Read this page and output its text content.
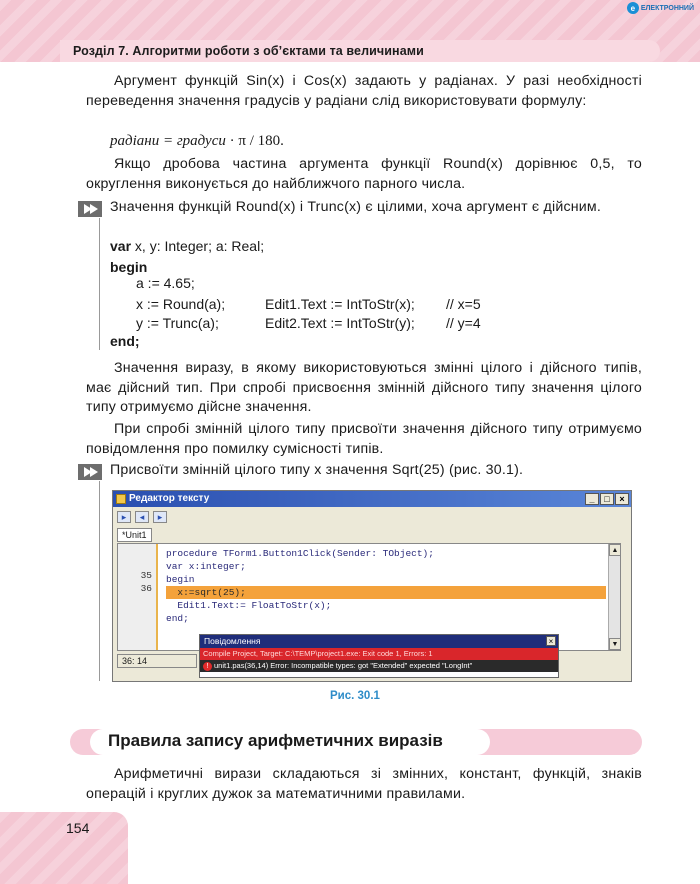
Розділ 7. Алгоритми роботи з об’єктами та величинами
e ЕЛЕКТРОННИЙ
Аргумент функцій Sin(x) і Cos(x) задають у радіанах. У разі необхідності переведення значення градусів у радіани слід використовувати формулу:
радіани = градуси · π / 180.
Якщо дробова частина аргумента функції Round(x) дорівнює 0,5, то округлення виконується до найближчого парного числа.
Значення функцій Round(x) і Trunc(x) є цілими, хоча аргумент є дійсним.
var x, y: Integer; a: Real;
begin
a := 4.65;
x := Round(a);	Edit1.Text := IntToStr(x); // x=5
y := Trunc(a);	Edit2.Text := IntToStr(y); // y=4
end;
Значення виразу, в якому використовуються змінні цілого і дійсного типів, має дійсний тип. При спробі присвоєння змінній дійсного типу значення цілого типу отримуємо дійсне значення.
При спробі змінній цілого типу присвоїти значення дійсного типу отримуємо повідомлення про помилку сумісності типів.
Присвоїти змінній цілого типу x значення Sqrt(25) (рис. 30.1).
Редактор тексту	_	□	×
▸	◂	▸
*Unit1
35
36
procedure TForm1.Button1Click(Sender: TObject);
var x:integer;
begin
x:=sqrt(25);
Edit1.Text:= FloatToStr(x);
end;
▲
▼
36: 14
Повідомлення	×
Compile Project, Target: C:\TEMP\project1.exe: Exit code 1, Errors: 1
! unit1.pas(36,14) Error: Incompatible types: got "Extended" expected "LongInt"
Рис. 30.1
Правила запису арифметичних виразів
Арифметичні вирази складаються зі змінних, констант, функцій, знаків операцій і круглих дужок за математичними правилами.
154
